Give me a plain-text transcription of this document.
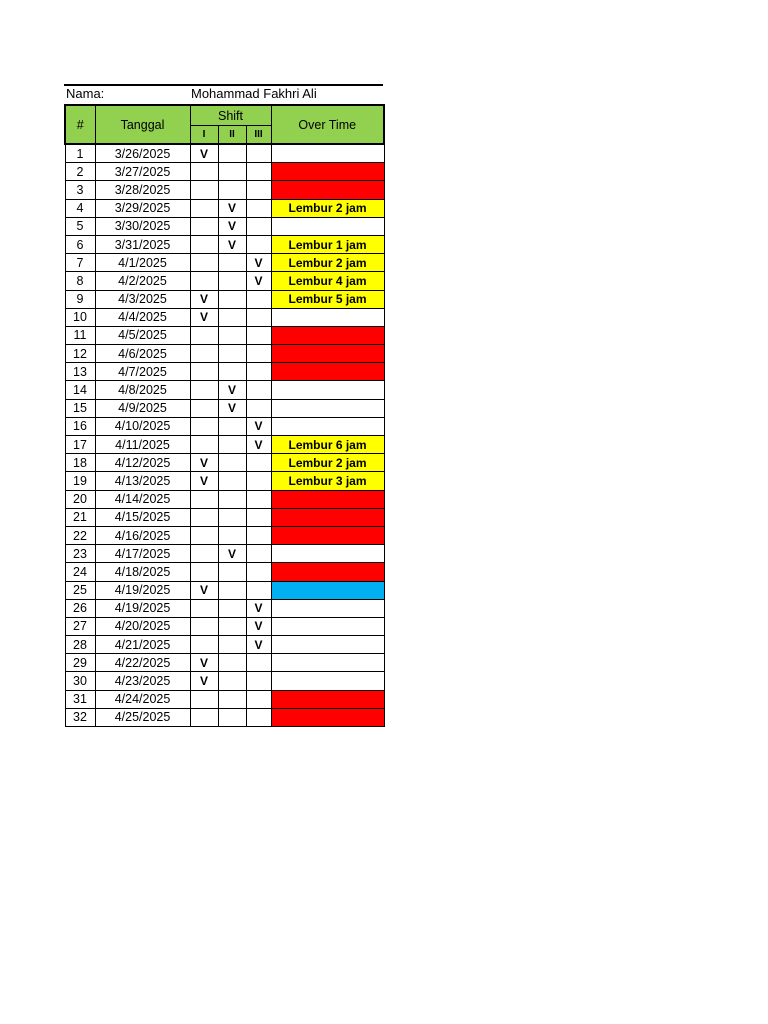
Nama:	Mohammad Fakhri Ali
#	Tanggal	Shift			Over Time
		I	II	III	
1	3/26/2025	V			
2	3/27/2025				
3	3/28/2025				
4	3/29/2025		V		Lembur 2 jam
5	3/30/2025		V		
6	3/31/2025		V		Lembur 1 jam
7	4/1/2025			V	Lembur 2 jam
8	4/2/2025			V	Lembur 4 jam
9	4/3/2025	V			Lembur 5 jam
10	4/4/2025	V			
11	4/5/2025				
12	4/6/2025				
13	4/7/2025				
14	4/8/2025		V		
15	4/9/2025		V		
16	4/10/2025			V	
17	4/11/2025			V	Lembur 6 jam
18	4/12/2025	V			Lembur 2 jam
19	4/13/2025	V			Lembur 3 jam
20	4/14/2025				
21	4/15/2025				
22	4/16/2025				
23	4/17/2025		V		
24	4/18/2025				
25	4/19/2025	V			
26	4/19/2025			V	
27	4/20/2025			V	
28	4/21/2025			V	
29	4/22/2025	V			
30	4/23/2025	V			
31	4/24/2025				
32	4/25/2025				
